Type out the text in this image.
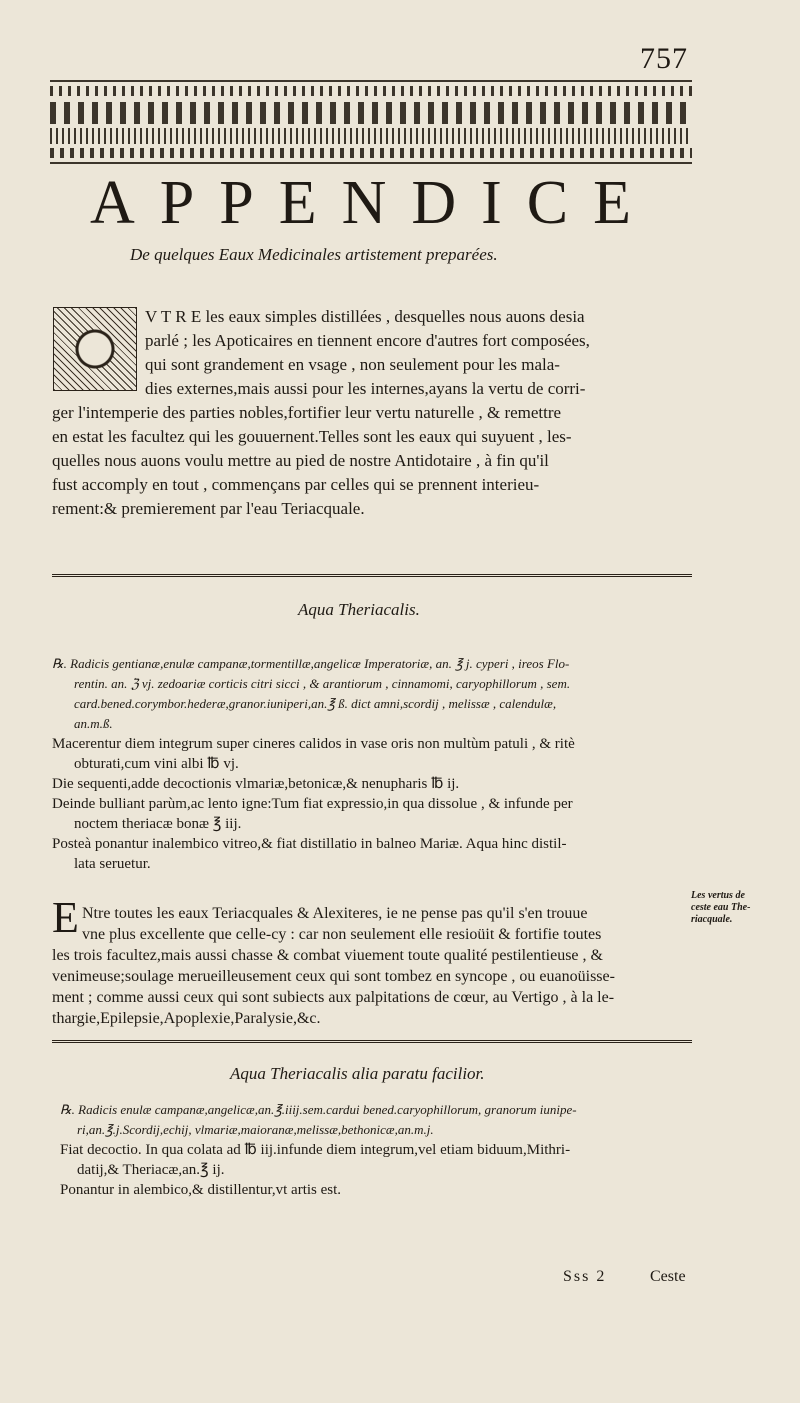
757
APPENDICE
De quelques Eaux Medicinales artistement preparées.
V T R E les eaux simples distillées , desquelles nous auons desia
parlé ; les Apoticaires en tiennent encore d'autres fort composées,
qui sont grandement en vsage , non seulement pour les mala-
dies externes,mais aussi pour les internes,ayans la vertu de corri-
ger l'intemperie des parties nobles,fortifier leur vertu naturelle , & remettre
en estat les facultez qui les gouuernent.Telles sont les eaux qui suyuent , les-
quelles nous auons voulu mettre au pied de nostre Antidotaire , à fin qu'il
fust accomply en tout , commençans par celles qui se prennent interieu-
rement:& premierement par l'eau Teriacquale.
Aqua Theriacalis.
℞. Radicis gentianæ,enulæ campanæ,tormentillæ,angelicæ Imperatoriæ, an. ℥ j. cyperi , ireos Flo-
rentin. an. ℨ vj. zedoariæ corticis citri sicci , & arantiorum , cinnamomi, caryophillorum , sem.
card.bened.corymbor.hederæ,granor.iuniperi,an.℥ ß. dict amni,scordij , melissæ , calendulæ,
an.m.ß.
Macerentur diem integrum super cineres calidos in vase oris non multùm patuli , & ritè
obturati,cum vini albi ℔ vj.
Die sequenti,adde decoctionis vlmariæ,betonicæ,& nenupharis ℔ ij.
Deinde bulliant parùm,ac lento igne:Tum fiat expressio,in qua dissolue , & infunde per
noctem theriacæ bonæ ℥ iij.
Posteà ponantur inalembico vitreo,& fiat distillatio in balneo Mariæ. Aqua hinc distil-
lata seruetur.
E Ntre toutes les eaux Teriacquales & Alexiteres, ie ne pense pas qu'il s'en trouue
vne plus excellente que celle-cy : car non seulement elle resioüit & fortifie toutes
les trois facultez,mais aussi chasse & combat viuement toute qualité pestilentieuse , &
venimeuse;soulage merueilleusement ceux qui sont tombez en syncope , ou euanoüisse-
ment ; comme aussi ceux qui sont subiects aux palpitations de cœur, au Vertigo , à la le-
thargie,Epilepsie,Apoplexie,Paralysie,&c.
Les vertus de
ceste eau The-
riacquale.
Aqua Theriacalis alia paratu facilior.
℞. Radicis enulæ campanæ,angelicæ,an.℥.iiij.sem.cardui bened.caryophillorum, granorum iunipe-
ri,an.℥.j.Scordij,echij, vlmariæ,maioranæ,melissæ,bethonicæ,an.m.j.
Fiat decoctio. In qua colata ad ℔ iij.infunde diem integrum,vel etiam biduum,Mithri-
datij,& Theriacæ,an.℥ ij.
Ponantur in alembico,& distillentur,vt artis est.
Sss 2	Ceste
